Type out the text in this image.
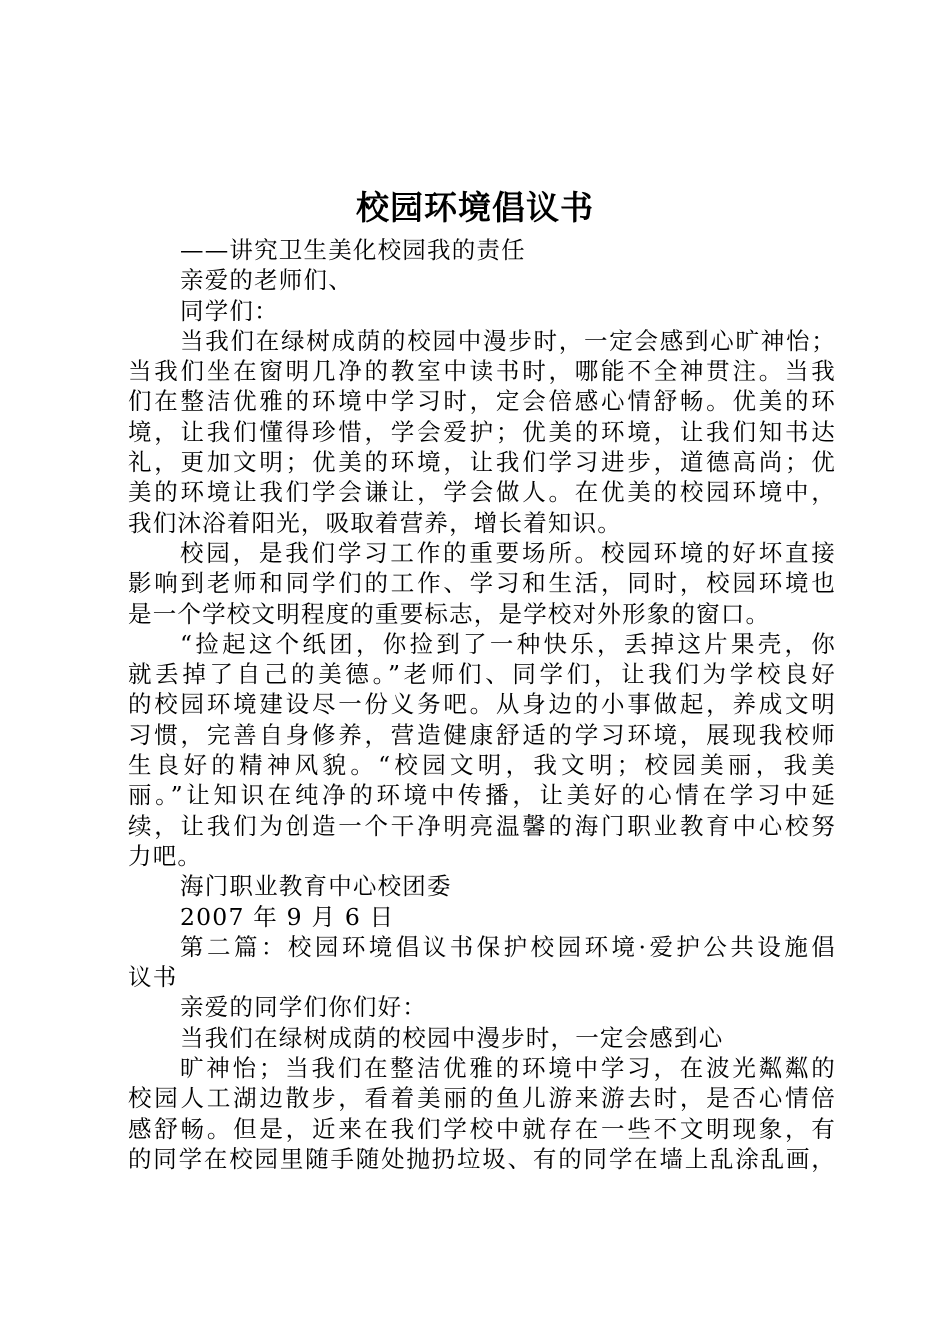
校园环境倡议书
——讲究卫生美化校园我的责任
亲爱的老师们、
同学们：
当我们在绿树成荫的校园中漫步时，一定会感到心旷神怡；
当我们坐在窗明几净的教室中读书时，哪能不全神贯注。当我
们在整洁优雅的环境中学习时，定会倍感心情舒畅。优美的环
境，让我们懂得珍惜，学会爱护；优美的环境，让我们知书达
礼，更加文明；优美的环境，让我们学习进步，道德高尚；优
美的环境让我们学会谦让，学会做人。在优美的校园环境中，
我们沐浴着阳光，吸取着营养，增长着知识。
校园，是我们学习工作的重要场所。校园环境的好坏直接
影响到老师和同学们的工作、学习和生活，同时，校园环境也
是一个学校文明程度的重要标志，是学校对外形象的窗口。
“捡起这个纸团，你捡到了一种快乐，丢掉这片果壳，你
就丢掉了自己的美德。”老师们、同学们，让我们为学校良好
的校园环境建设尽一份义务吧。从身边的小事做起，养成文明
习惯，完善自身修养，营造健康舒适的学习环境，展现我校师
生良好的精神风貌。“校园文明，我文明；校园美丽，我美
丽。”让知识在纯净的环境中传播，让美好的心情在学习中延
续，让我们为创造一个干净明亮温馨的海门职业教育中心校努
力吧。
海门职业教育中心校团委
2007 年 9 月 6 日
第二篇：校园环境倡议书保护校园环境·爱护公共设施倡
议书
亲爱的同学们你们好：
当我们在绿树成荫的校园中漫步时，一定会感到心
旷神怡；当我们在整洁优雅的环境中学习，在波光粼粼的
校园人工湖边散步，看着美丽的鱼儿游来游去时，是否心情倍
感舒畅。但是，近来在我们学校中就存在一些不文明现象，有
的同学在校园里随手随处抛扔垃圾、有的同学在墙上乱涂乱画，
